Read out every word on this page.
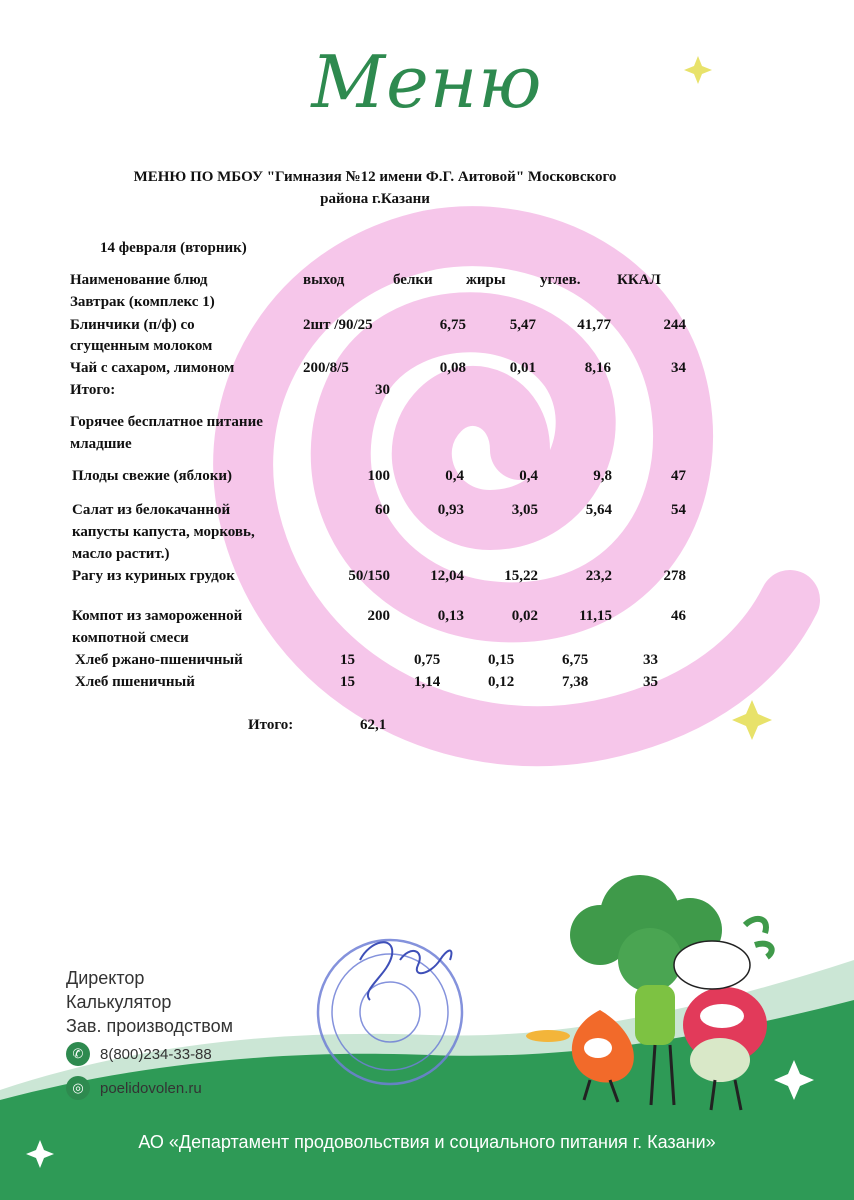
Меню
МЕНЮ ПО МБОУ "Гимназия №12 имени Ф.Г. Аитовой" Московского
района г.Казани
14 февраля (вторник)
Наименование блюд	выход	белки жиры углев. ККАЛ
Завтрак (комплекс 1)
Блинчики (п/ф) со
сгущенным молоком
2шт /90/25	6,75	5,47	41,77	244
Чай с сахаром, лимоном	200/8/5	0,08	0,01	8,16	34
Итого:	30
Горячее бесплатное питание
младшие
Плоды свежие (яблоки)	100	0,4	0,4	9,8	47
Салат из белокачанной
капусты капуста, морковь,
масло растит.)
60	0,93	3,05	5,64	54
Рагу из куриных грудок	50/150	12,04	15,22	23,2	278
Компот из замороженной
компотной смеси
200	0,13	0,02	11,15	46
Хлеб ржано-пшеничный	15	0,75	0,15	6,75	33
Хлеб пшеничный	15	1,14	0,12	7,38	35
Итого:	62,1
Директор
Калькулятор
Зав. производством
✆	8(800)234-33-88
◎	poelidovolen.ru
АО «Департамент продовольствия и социального питания г. Казани»
